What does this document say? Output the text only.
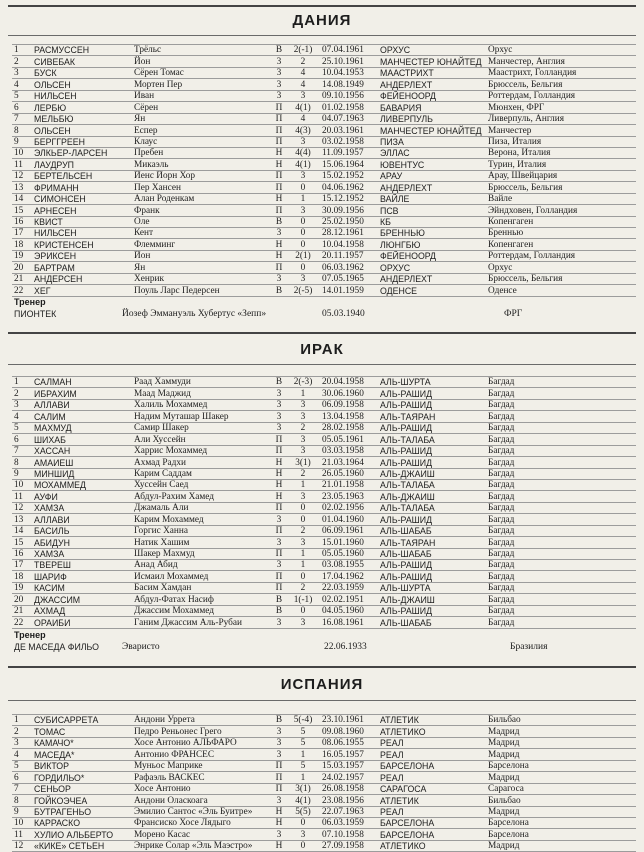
ДАНИЯ
1	РАСМУССЕН	Трёльс	В	2(-1)	07.04.1961	ОРХУС	Орхус
2	СИВЕБАК	Йон	3	2	25.10.1961	МАНЧЕСТЕР ЮНАЙТЕД	Манчестер, Англия
3	БУСК	Сёрен Томас	3	4	10.04.1953	МААСТРИХТ	Маастрихт, Голландия
4	ОЛЬСЕН	Мортен Пер	3	4	14.08.1949	АНДЕРЛЕХТ	Брюссель, Бельгия
5	НИЛЬСЕН	Иван	3	3	09.10.1956	ФЕЙЕНООРД	Роттердам, Голландия
6	ЛЕРБЮ	Сёрен	П	4(1)	01.02.1958	БАВАРИЯ	Мюнхен, ФРГ
7	МЕЛЬБЮ	Ян	П	4	04.07.1963	ЛИВЕРПУЛЬ	Ливерпуль, Англия
8	ОЛЬСЕН	Еспер	П	4(3)	20.03.1961	МАНЧЕСТЕР ЮНАЙТЕД	Манчестер
9	БЕРГГРЕЕН	Клаус	П	3	03.02.1958	ПИЗА	Пиза, Италия
10	ЭЛКЬЕР-ЛАРСЕН	Пребен	Н	4(4)	11.09.1957	ЭЛЛАС	Верона, Италия
11	ЛАУДРУП	Микаэль	Н	4(1)	15.06.1964	ЮВЕНТУС	Турин, Италия
12	БЕРТЕЛЬСЕН	Йенс Йорн Хор	П	3	15.02.1952	АРАУ	Арау, Швейцария
13	ФРИМАНН	Пер Хансен	П	0	04.06.1962	АНДЕРЛЕХТ	Брюссель, Бельгия
14	СИМОНСЕН	Алан Роденкам	Н	1	15.12.1952	ВАЙЛЕ	Вайле
15	АРНЕСЕН	Франк	П	3	30.09.1956	ПСВ	Эйндховен, Голландия
16	КВИСТ	Оле	В	0	25.02.1950	КБ	Копенгаген
17	НИЛЬСЕН	Кент	3	0	28.12.1961	БРЕННЬЮ	Бреннью
18	КРИСТЕНСЕН	Флемминг	Н	0	10.04.1958	ЛЮНГБЮ	Копенгаген
19	ЭРИКСЕН	Йон	Н	2(1)	20.11.1957	ФЕЙЕНООРД	Роттердам, Голландия
20	БАРТРАМ	Ян	П	0	06.03.1962	ОРХУС	Орхус
21	АНДЕРСЕН	Хенрик	3	3	07.05.1965	АНДЕРЛЕХТ	Брюссель, Бельгия
22	ХЕГ	Поуль Ларс Педерсен	В	2(-5)	14.01.1959	ОДЕНСЕ	Оденсе
Тренер
ПИОНТЕК	Йозеф Эммануэль Хубертус «Зепп»	05.03.1940	ФРГ
ИРАК
1	САЛМАН	Раад Хаммуди	В	2(-3)	20.04.1958	АЛЬ-ШУРТА	Багдад
2	ИБРАХИМ	Маад Маджид	3	1	30.06.1960	АЛЬ-РАШИД	Багдад
3	АЛЛАВИ	Халиль Мохаммед	3	3	06.09.1958	АЛЬ-РАШИД	Багдад
4	САЛИМ	Надим Муташар Шакер	3	3	13.04.1958	АЛЬ-ТАЯРАН	Багдад
5	МАХМУД	Самир Шакер	3	2	28.02.1958	АЛЬ-РАШИД	Багдад
6	ШИХАБ	Али Хуссейн	П	3	05.05.1961	АЛЬ-ТАЛАБА	Багдад
7	ХАССАН	Харрис Мохаммед	П	3	03.03.1958	АЛЬ-РАШИД	Багдад
8	АМАИЕШ	Ахмад Радхи	Н	3(1)	21.03.1964	АЛЬ-РАШИД	Багдад
9	МИНШИД	Карим Саддам	Н	2	26.05.1960	АЛЬ-ДЖАИШ	Багдад
10	МОХАММЕД	Хуссейн Саед	Н	1	21.01.1958	АЛЬ-ТАЛАБА	Багдад
11	АУФИ	Абдул-Рахим Хамед	Н	3	23.05.1963	АЛЬ-ДЖАИШ	Багдад
12	ХАМЗА	Джамаль Али	П	0	02.02.1956	АЛЬ-ТАЛАБА	Багдад
13	АЛЛАВИ	Карим Мохаммед	3	0	01.04.1960	АЛЬ-РАШИД	Багдад
14	БАСИЛЬ	Горгис Ханна	П	2	06.09.1961	АЛЬ-ШАБАБ	Багдад
15	АБИДУН	Натик Хашим	3	3	15.01.1960	АЛЬ-ТАЯРАН	Багдад
16	ХАМЗА	Шакер Махмуд	П	1	05.05.1960	АЛЬ-ШАБАБ	Багдад
17	ТВЕРЕШ	Анад Абид	3	1	03.08.1955	АЛЬ-РАШИД	Багдад
18	ШАРИФ	Исмаил Мохаммед	П	0	17.04.1962	АЛЬ-РАШИД	Багдад
19	КАСИМ	Басим Хамдан	П	2	22.03.1959	АЛЬ-ШУРТА	Багдад
20	ДЖАССИМ	Абдул-Фатах Насиф	В	1(-1)	02.02.1951	АЛЬ-ДЖАИШ	Багдад
21	АХМАД	Джассим Мохаммед	В	0	04.05.1960	АЛЬ-РАШИД	Багдад
22	ОРАИБИ	Ганим Джассим Аль-Рубаи	3	3	16.08.1961	АЛЬ-ШАБАБ	Багдад
Тренер
ДЕ МАСЕДА ФИЛЬО Эваристо	22.06.1933	Бразилия
ИСПАНИЯ
1	СУБИСАРРЕТА	Андони Уррета	В	5(-4)	23.10.1961	АТЛЕТИК	Бильбао
2	ТОМАС	Педро Реньонес Грего	3	5	09.08.1960	АТЛЕТИКО	Мадрид
3	КАМАЧО*	Хосе Антонио АЛЬФАРО	3	5	08.06.1955	РЕАЛ	Мадрид
4	МАСЕДА*	Антонио ФРАНСЕС	3	1	16.05.1957	РЕАЛ	Мадрид
5	ВИКТОР	Муньос Маприке	П	5	15.03.1957	БАРСЕЛОНА	Барселона
6	ГОРДИЛЬО*	Рафаэль ВАСКЕС	П	1	24.02.1957	РЕАЛ	Мадрид
7	СЕНЬОР	Хосе Антонио	П	3(1)	26.08.1958	САРАГОСА	Сарагоса
8	ГОЙКОЭЧЕА	Андони Оласкоага	3	4(1)	23.08.1956	АТЛЕТИК	Бильбао
9	БУТРАГЕНЬО	Эмилио Сантос «Эль Буитре»	Н	5(5)	22.07.1963	РЕАЛ	Мадрид
10	КАРРАСКО	Франсиско Хосе Лядыго	Н	0	06.03.1959	БАРСЕЛОНА	Барселона
11	ХУЛИО АЛЬБЕРТО	Морено Касас	3	3	07.10.1958	БАРСЕЛОНА	Барселона
12	«КИКЕ» СЕТЬЕН	Энрике Солар «Эль Маэстро»	Н	0	27.09.1958	АТЛЕТИКО	Мадрид
